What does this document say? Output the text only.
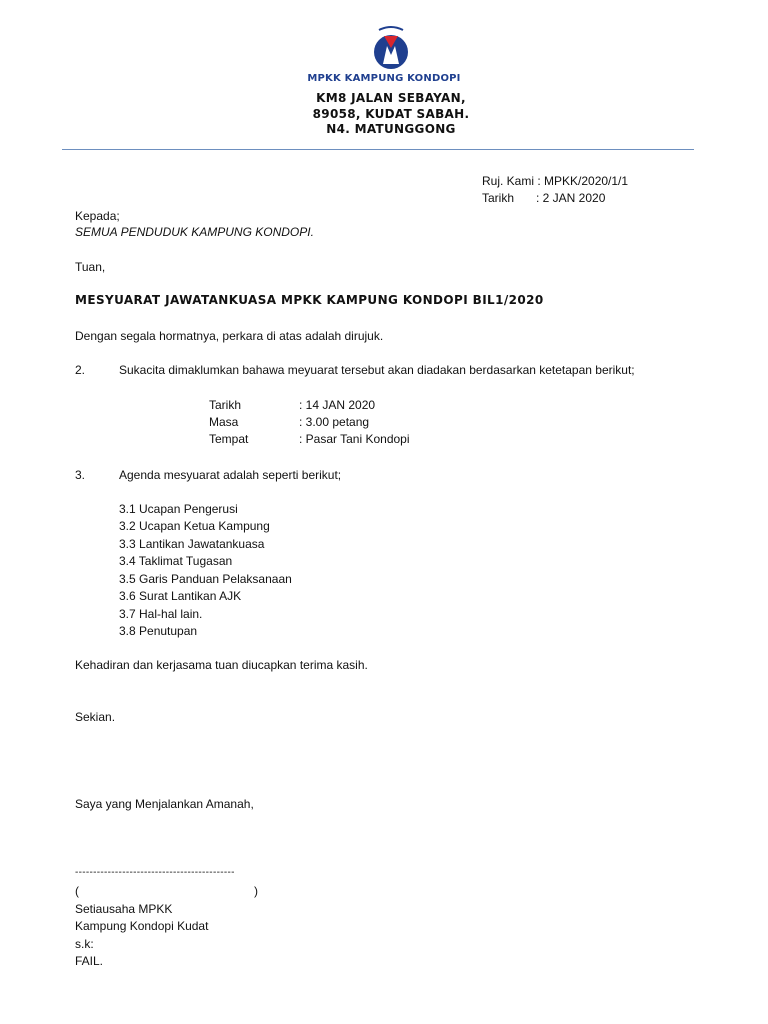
MPKK KAMPUNG KONDOPI
KM8 JALAN SEBAYAN,
89058, KUDAT SABAH.
N4. MATUNGGONG
Ruj. Kami : MPKK/2020/1/1
Tarikh : 2 JAN 2020
Kepada;
SEMUA PENDUDUK KAMPUNG KONDOPI.
Tuan,
MESYUARAT JAWATANKUASA MPKK KAMPUNG KONDOPI BIL1/2020
Dengan segala hormatnya, perkara di atas adalah dirujuk.
2.	Sukacita dimaklumkan bahawa meyuarat tersebut akan diadakan berdasarkan ketetapan berikut;
Tarikh	: 14 JAN 2020
Masa	: 3.00 petang
Tempat	: Pasar Tani Kondopi
3.	Agenda mesyuarat adalah seperti berikut;
3.1 Ucapan Pengerusi
3.2 Ucapan Ketua Kampung
3.3 Lantikan Jawatankuasa
3.4 Taklimat Tugasan
3.5 Garis Panduan Pelaksanaan
3.6 Surat Lantikan AJK
3.7 Hal-hal lain.
3.8 Penutupan
Kehadiran dan kerjasama tuan diucapkan terima kasih.
Sekian.
Saya yang Menjalankan Amanah,
--------------------------------------------
(	)
Setiausaha MPKK
Kampung Kondopi Kudat
s.k:
FAIL.
